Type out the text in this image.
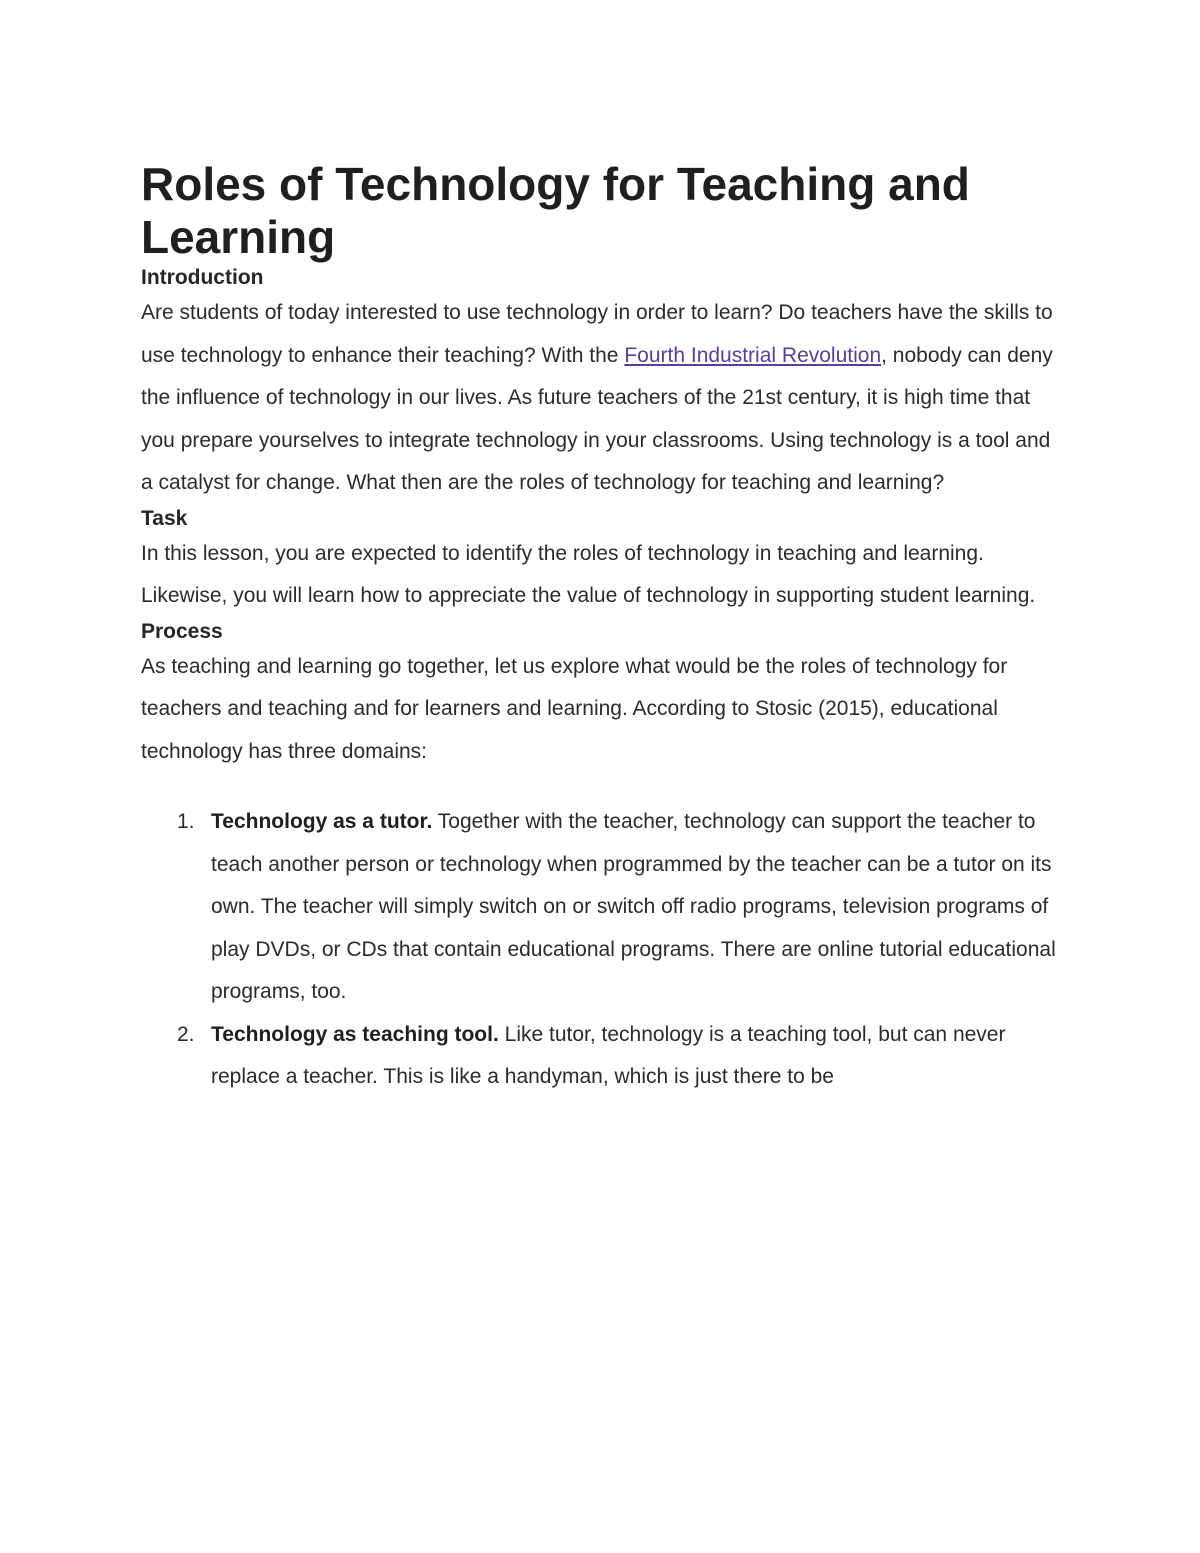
Roles of Technology for Teaching and Learning
Introduction

Are students of today interested to use technology in order to learn? Do teachers have the skills to use technology to enhance their teaching? With the Fourth Industrial Revolution, nobody can deny the influence of technology in our lives. As future teachers of the 21st century, it is high time that you prepare yourselves to integrate technology in your classrooms. Using technology is a tool and a catalyst for change. What then are the roles of technology for teaching and learning?

Task

In this lesson, you are expected to identify the roles of technology in teaching and learning. Likewise, you will learn how to appreciate the value of technology in supporting student learning.

Process

As teaching and learning go together, let us explore what would be the roles of technology for teachers and teaching and for learners and learning. According to Stosic (2015), educational technology has three domains:

1. Technology as a tutor. Together with the teacher, technology can support the teacher to teach another person or technology when programmed by the teacher can be a tutor on its own. The teacher will simply switch on or switch off radio programs, television programs of play DVDs, or CDs that contain educational programs. There are online tutorial educational programs, too.
2. Technology as teaching tool. Like tutor, technology is a teaching tool, but can never replace a teacher. This is like a handyman, which is just there to be
